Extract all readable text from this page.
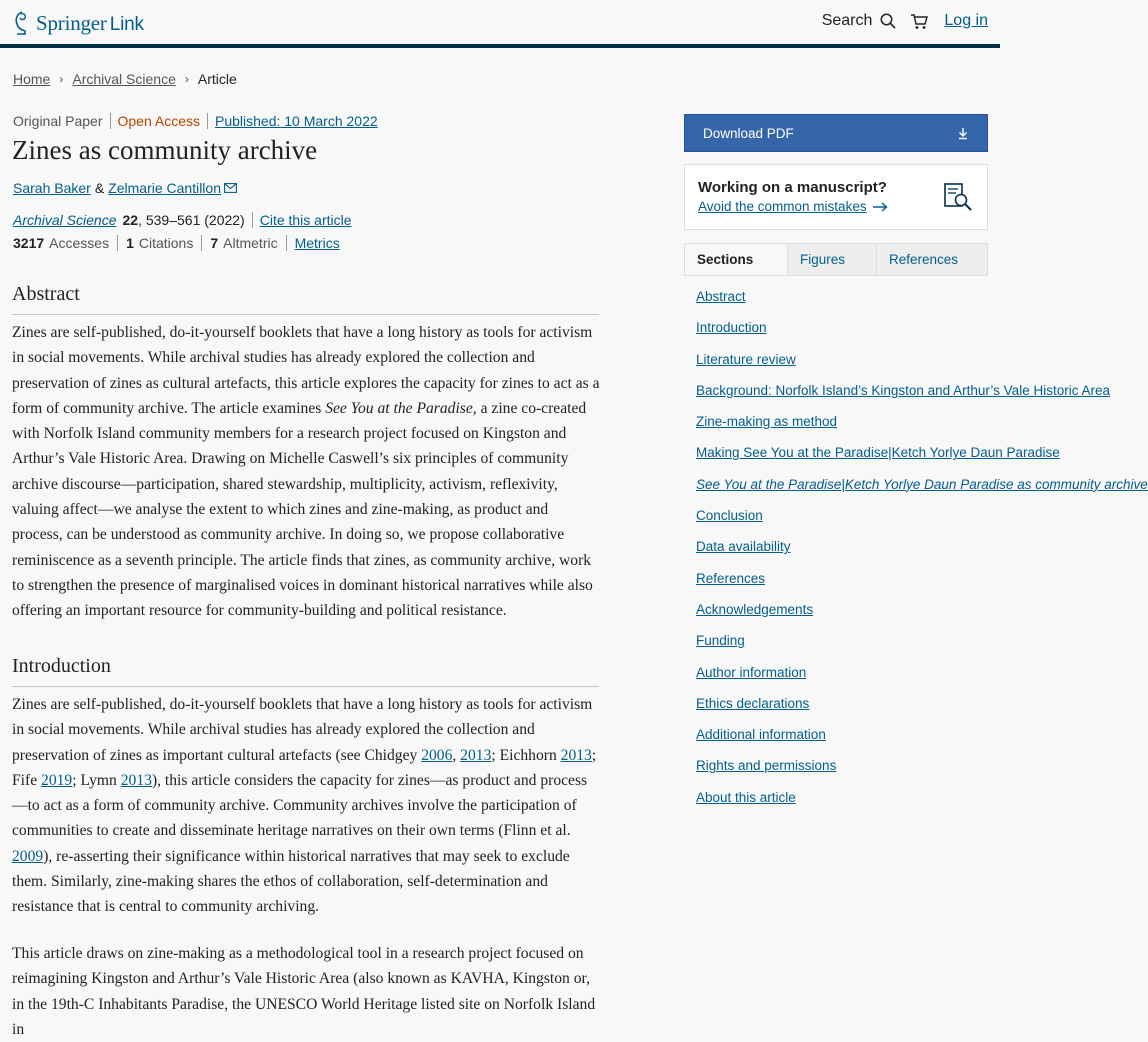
Springer Link	Search	Log in
Home › Archival Science › Article
Original Paper Open Access Published: 10 March 2022
Zines as community archive
Sarah Baker & Zelmarie Cantillon
Archival Science 22 , 539–561 (2022) Cite this article
3217 Accesses 1 Citations 7 Altmetric Metrics
Abstract

Zines are self-published, do-it-yourself booklets that have a long history as tools for activism in social movements. While archival studies has already explored the collection and preservation of zines as cultural artefacts, this article explores the capacity for zines to act as a form of community archive. The article examines See You at the Paradise, a zine co-created with Norfolk Island community members for a research project focused on Kingston and Arthur’s Vale Historic Area. Drawing on Michelle Caswell’s six principles of community archive discourse—participation, shared stewardship, multiplicity, activism, reflexivity, valuing affect—we analyse the extent to which zines and zine-making, as product and process, can be understood as community archive. In doing so, we propose collaborative reminiscence as a seventh principle. The article finds that zines, as community archive, work to strengthen the presence of marginalised voices in dominant historical narratives while also offering an important resource for community-building and political resistance.

Introduction

Zines are self-published, do-it-yourself booklets that have a long history as tools for activism in social movements. While archival studies has already explored the collection and preservation of zines as important cultural artefacts (see Chidgey 2006, 2013; Eichhorn 2013; Fife 2019; Lymn 2013), this article considers the capacity for zines—as product and process—to act as a form of community archive. Community archives involve the participation of communities to create and disseminate heritage narratives on their own terms (Flinn et al. 2009), re-asserting their significance within historical narratives that may seek to exclude them. Similarly, zine-making shares the ethos of collaboration, self-determination and resistance that is central to community archiving.

This article draws on zine-making as a methodological tool in a research project focused on reimagining Kingston and Arthur’s Vale Historic Area (also known as KAVHA, Kingston or, in the 19th-C Inhabitants Paradise, the UNESCO World Heritage listed site on Norfolk Island in

Download PDF
Working on a manuscript?
Avoid the common mistakes
Sections	Figures	References
Abstract
Introduction
Literature review
Background: Norfolk Island’s Kingston and Arthur’s Vale Historic Area
Zine-making as method
Making See You at the Paradise|Ketch Yorlye Daun Paradise
See You at the Paradise|Ketch Yorlye Daun Paradise as community archive
Conclusion
Data availability
References
Acknowledgements
Funding
Author information
Ethics declarations
Additional information
Rights and permissions
About this article
